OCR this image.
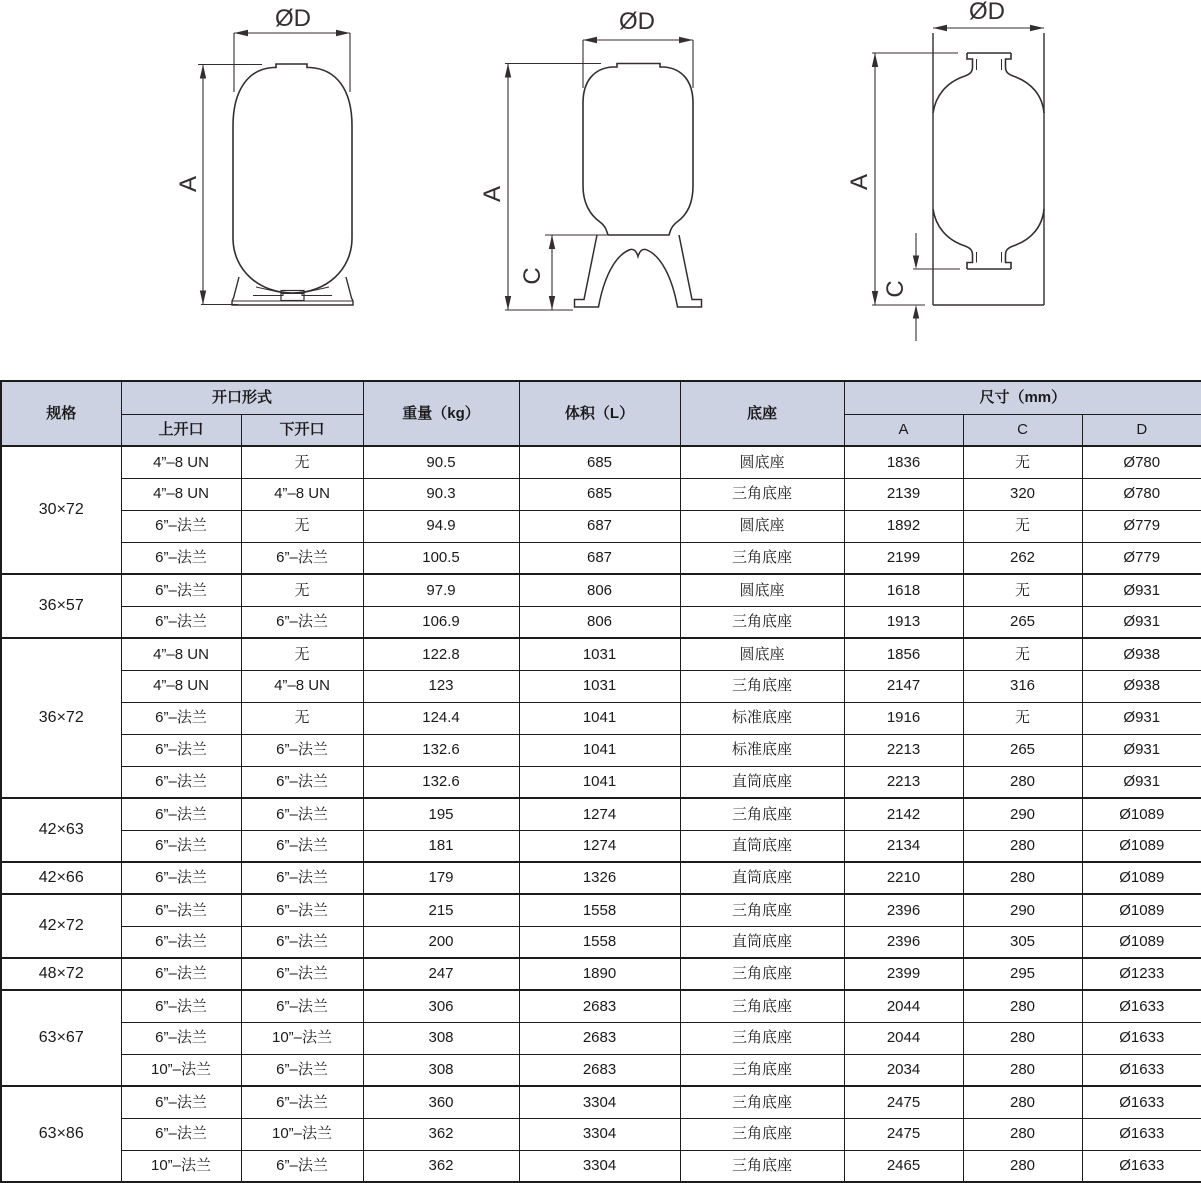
ØD
A
ØD
A
C
ØD
A
C
规格	开口形式		重量（kg）	体积（L）	底座	尺寸（mm）		
	上开口	下开口				A	C	D
30×72	4”–8 UN	无	90.5	685	圆底座	1836	无	Ø780
	4”–8 UN	4”–8 UN	90.3	685	三角底座	2139	320	Ø780
	6”–法兰	无	94.9	687	圆底座	1892	无	Ø779
	6”–法兰	6”–法兰	100.5	687	三角底座	2199	262	Ø779
36×57	6”–法兰	无	97.9	806	圆底座	1618	无	Ø931
	6”–法兰	6”–法兰	106.9	806	三角底座	1913	265	Ø931
36×72	4”–8 UN	无	122.8	1031	圆底座	1856	无	Ø938
	4”–8 UN	4”–8 UN	123	1031	三角底座	2147	316	Ø938
	6”–法兰	无	124.4	1041	标准底座	1916	无	Ø931
	6”–法兰	6”–法兰	132.6	1041	标准底座	2213	265	Ø931
	6”–法兰	6”–法兰	132.6	1041	直筒底座	2213	280	Ø931
42×63	6”–法兰	6”–法兰	195	1274	三角底座	2142	290	Ø1089
	6”–法兰	6”–法兰	181	1274	直筒底座	2134	280	Ø1089
42×66	6”–法兰	6”–法兰	179	1326	直筒底座	2210	280	Ø1089
42×72	6”–法兰	6”–法兰	215	1558	三角底座	2396	290	Ø1089
	6”–法兰	6”–法兰	200	1558	直筒底座	2396	305	Ø1089
48×72	6”–法兰	6”–法兰	247	1890	三角底座	2399	295	Ø1233
63×67	6”–法兰	6”–法兰	306	2683	三角底座	2044	280	Ø1633
	6”–法兰	10”–法兰	308	2683	三角底座	2044	280	Ø1633
	10”–法兰	6”–法兰	308	2683	三角底座	2034	280	Ø1633
63×86	6”–法兰	6”–法兰	360	3304	三角底座	2475	280	Ø1633
	6”–法兰	10”–法兰	362	3304	三角底座	2475	280	Ø1633
	10”–法兰	6”–法兰	362	3304	三角底座	2465	280	Ø1633
